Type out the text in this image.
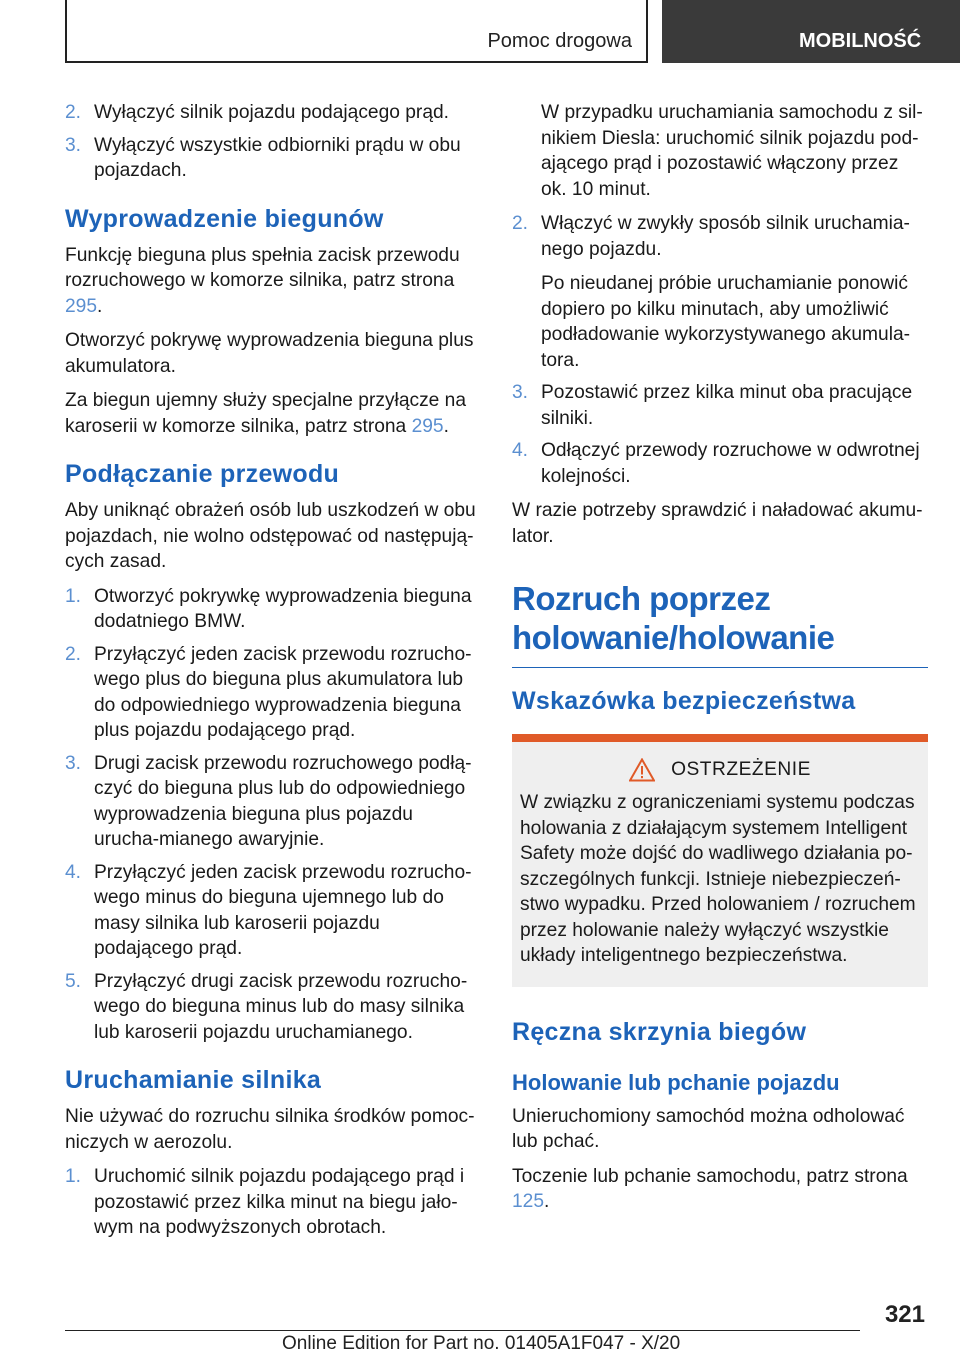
Pomoc drogowa	MOBILNOŚĆ
2. Wyłączyć silnik pojazdu podającego prąd.
3. Wyłączyć wszystkie odbiorniki prądu w obu pojazdach.
Wyprowadzenie biegunów

Funkcję bieguna plus spełnia zacisk przewodu rozruchowego w komorze silnika, patrz strona 295.

Otworzyć pokrywę wyprowadzenia bieguna plus akumulatora.

Za biegun ujemny służy specjalne przyłącze na karoserii w komorze silnika, patrz strona 295.

Podłączanie przewodu

Aby uniknąć obrażeń osób lub uszkodzeń w obu pojazdach, nie wolno odstępować od następują-cych zasad.

1. Otworzyć pokrywkę wyprowadzenia bieguna dodatniego BMW.
2. Przyłączyć jeden zacisk przewodu rozrucho-wego plus do bieguna plus akumulatora lub do odpowiedniego wyprowadzenia bieguna plus pojazdu podającego prąd.
3. Drugi zacisk przewodu rozruchowego podłą-czyć do bieguna plus lub do odpowiedniego wyprowadzenia bieguna plus pojazdu urucha-mianego awaryjnie.
4. Przyłączyć jeden zacisk przewodu rozrucho-wego minus do bieguna ujemnego lub do masy silnika lub karoserii pojazdu podającego prąd.
5. Przyłączyć drugi zacisk przewodu rozrucho-wego do bieguna minus lub do masy silnika lub karoserii pojazdu uruchamianego.
Uruchamianie silnika

Nie używać do rozruchu silnika środków pomoc-niczych w aerozolu.

1. Uruchomić silnik pojazdu podającego prąd i pozostawić przez kilka minut na biegu jało-wym na podwyższonych obrotach.

W przypadku uruchamiania samochodu z sil-nikiem Diesla: uruchomić silnik pojazdu pod-ającego prąd i pozostawić włączony przez ok. 10 minut.

2. Włączyć w zwykły sposób silnik uruchamia-nego pojazdu.
Po nieudanej próbie uruchamianie ponowić dopiero po kilku minutach, aby umożliwić podładowanie wykorzystywanego akumula-tora.
3. Pozostawić przez kilka minut oba pracujące silniki.
4. Odłączyć przewody rozruchowe w odwrotnej kolejności.

W razie potrzeby sprawdzić i naładować akumu-lator.

Rozruch poprzez holowanie/holowanie
Wskazówka bezpieczeństwa
OSTRZEŻENIE

W związku z ograniczeniami systemu podczas holowania z działającym systemem Intelligent Safety może dojść do wadliwego działania po-szczególnych funkcji. Istnieje niebezpieczeń-stwo wypadku. Przed holowaniem / rozruchem przez holowanie należy wyłączyć wszystkie układy inteligentnego bezpieczeństwa.

Ręczna skrzynia biegów
Holowanie lub pchanie pojazdu

Unieruchomiony samochód można odholować lub pchać.

Toczenie lub pchanie samochodu, patrz strona 125.

321
Online Edition for Part no. 01405A1F047 - X/20
